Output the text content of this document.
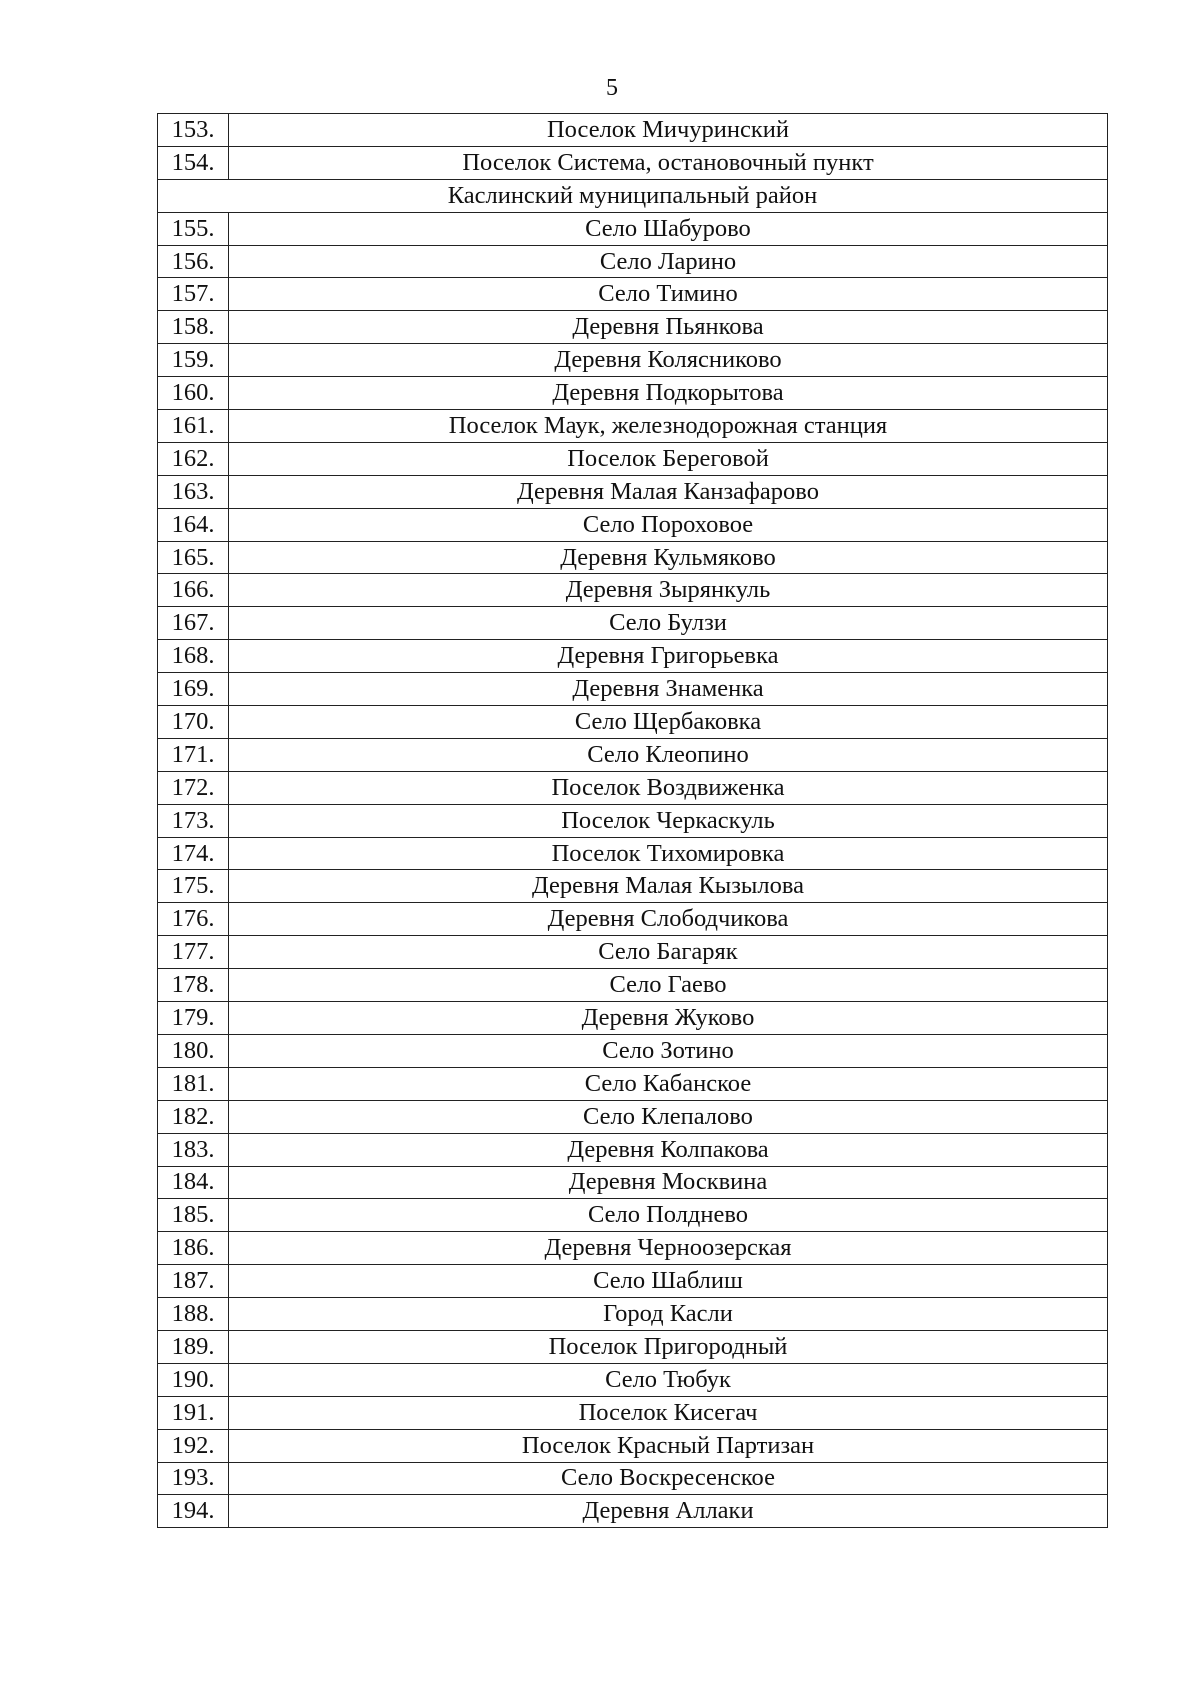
5
153.	Поселок Мичуринский
154.	Поселок Система, остановочный пункт
Каслинский муниципальный район	
155.	Село Шабурово
156.	Село Ларино
157.	Село Тимино
158.	Деревня Пьянкова
159.	Деревня Колясниково
160.	Деревня Подкорытова
161.	Поселок Маук, железнодорожная станция
162.	Поселок Береговой
163.	Деревня Малая Канзафарово
164.	Село Пороховое
165.	Деревня Кульмяково
166.	Деревня Зырянкуль
167.	Село Булзи
168.	Деревня Григорьевка
169.	Деревня Знаменка
170.	Село Щербаковка
171.	Село Клеопино
172.	Поселок Воздвиженка
173.	Поселок Черкаскуль
174.	Поселок Тихомировка
175.	Деревня Малая Кызылова
176.	Деревня Слободчикова
177.	Село Багаряк
178.	Село Гаево
179.	Деревня Жуково
180.	Село Зотино
181.	Село Кабанское
182.	Село Клепалово
183.	Деревня Колпакова
184.	Деревня Москвина
185.	Село Полднево
186.	Деревня Черноозерская
187.	Село Шаблиш
188.	Город Касли
189.	Поселок Пригородный
190.	Село Тюбук
191.	Поселок Кисегач
192.	Поселок Красный Партизан
193.	Село Воскресенское
194.	Деревня Аллаки
